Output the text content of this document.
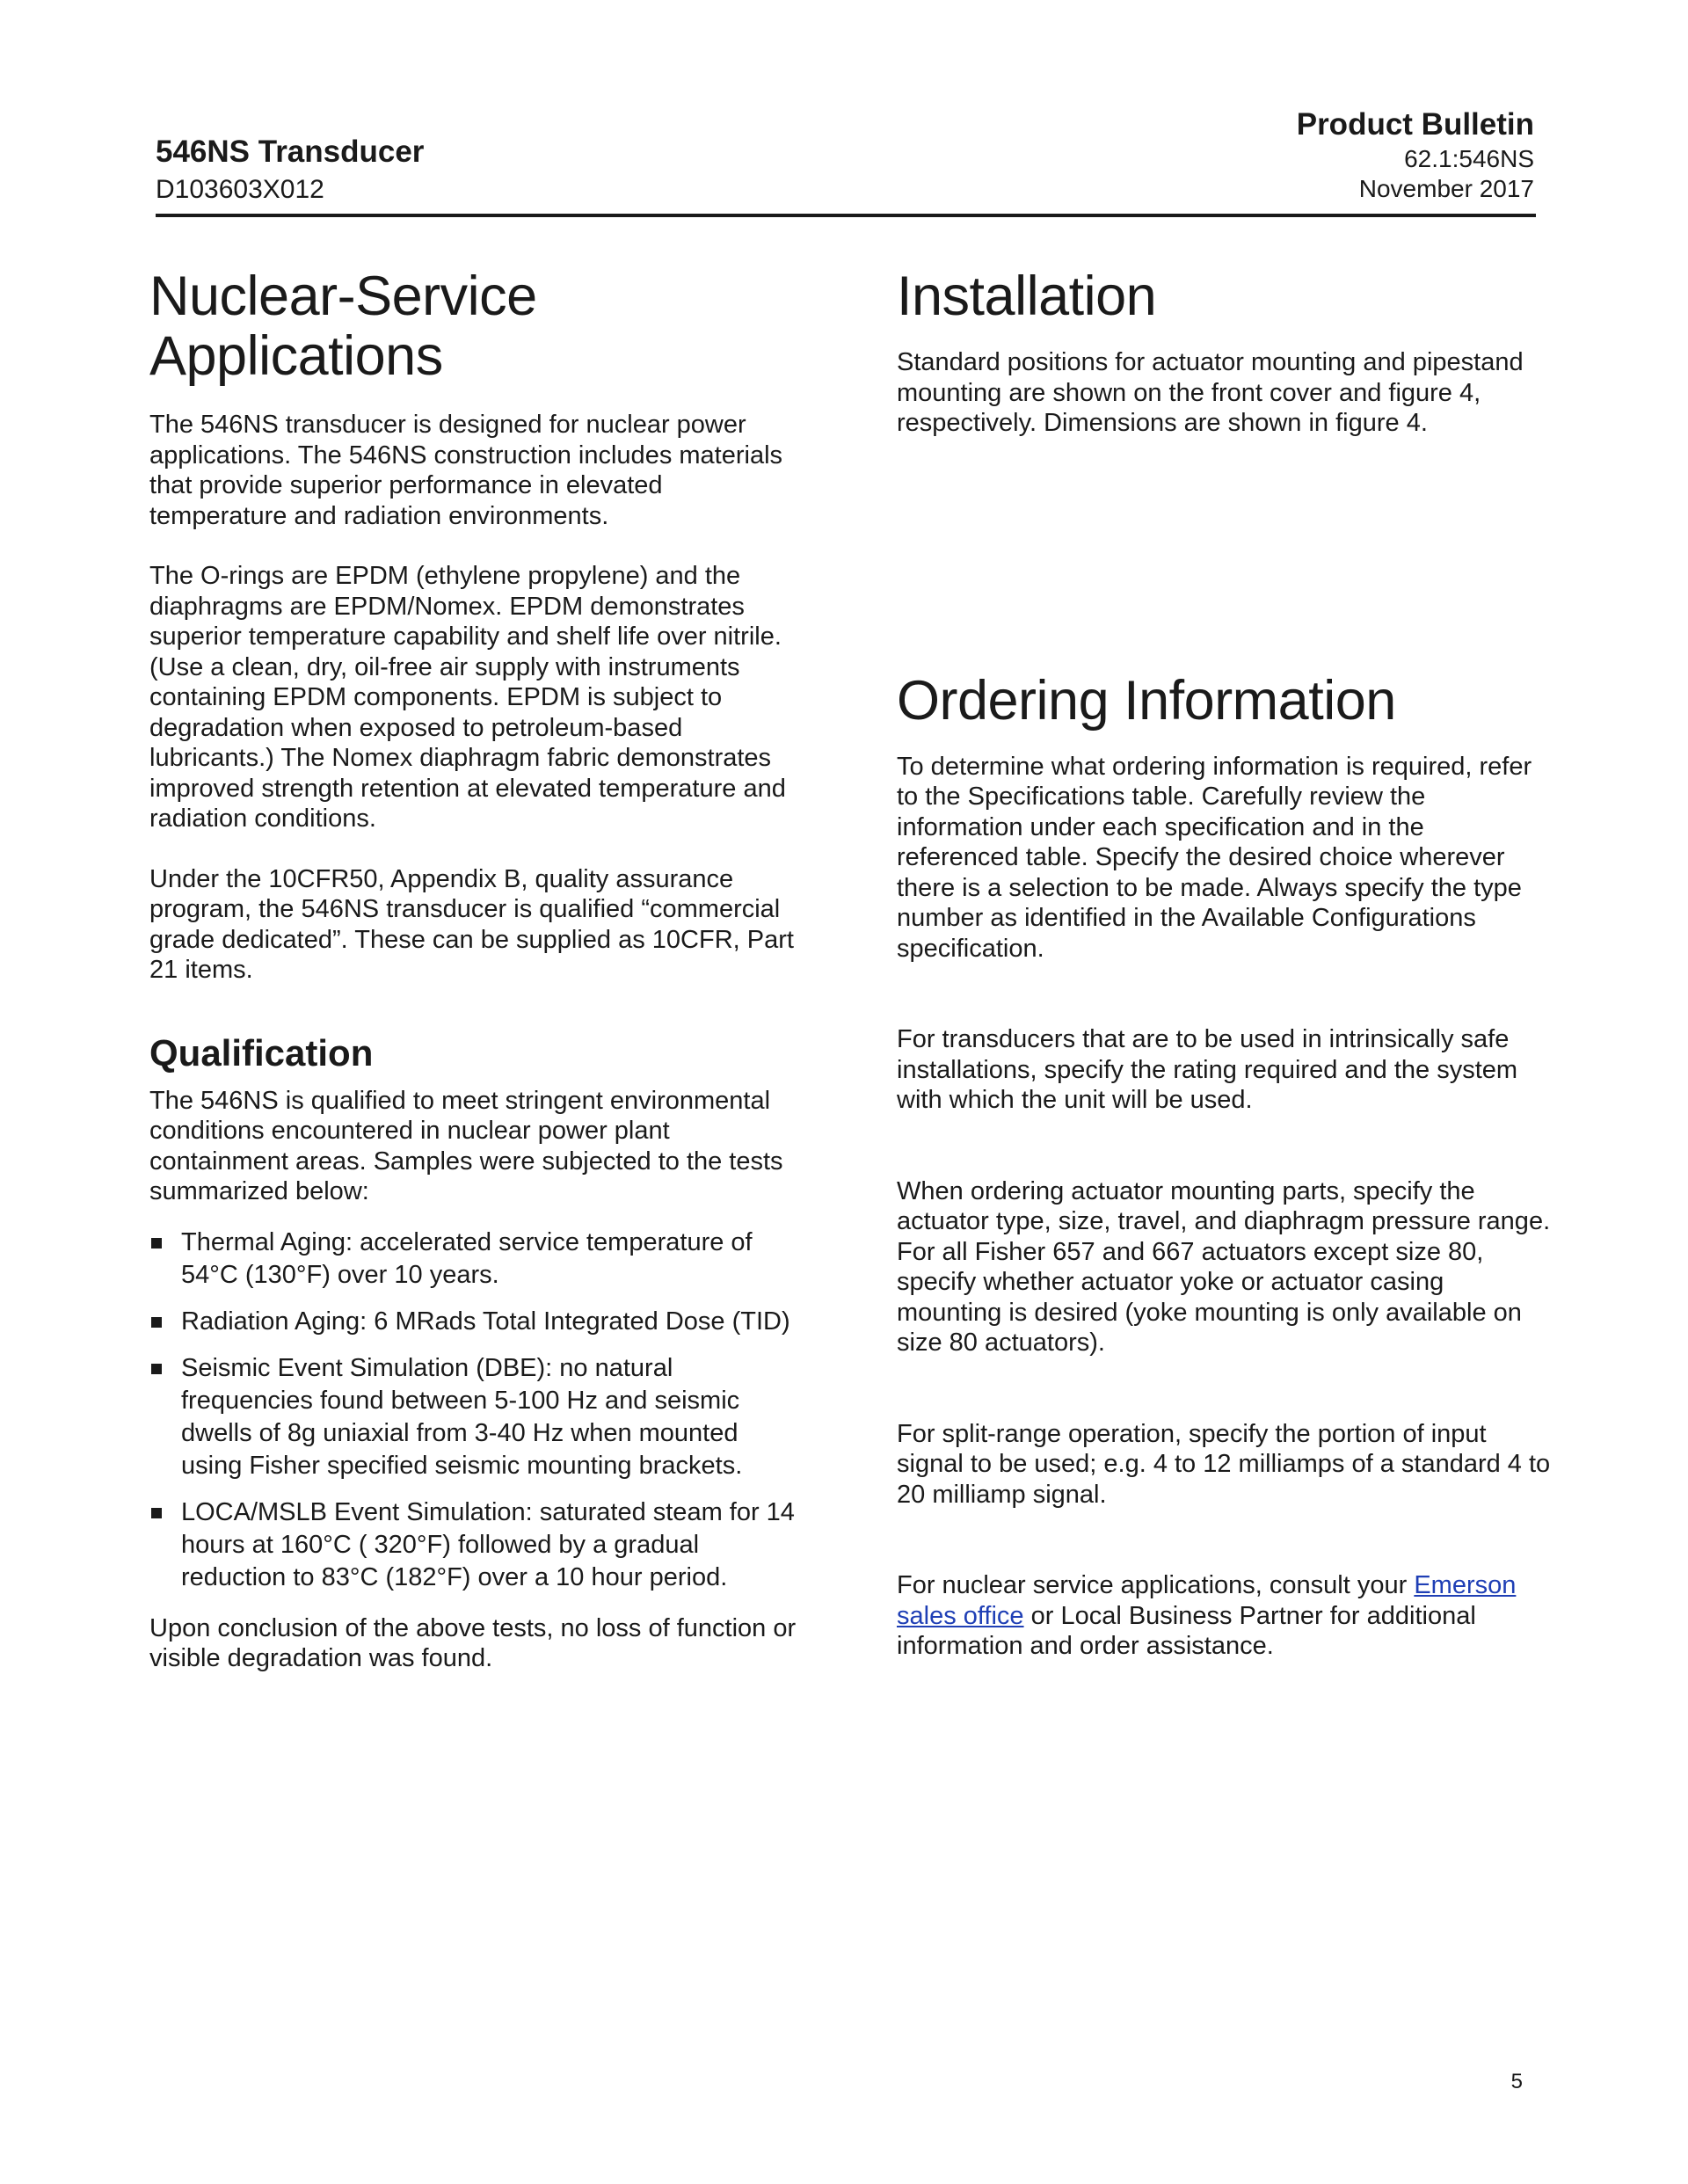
546NS Transducer
D103603X012
Product Bulletin
62.1:546NS
November 2017
Nuclear-Service
Applications

The 546NS transducer is designed for nuclear power applications. The 546NS construction includes materials that provide superior performance in elevated temperature and radiation environments.

The O-rings are EPDM (ethylene propylene) and the diaphragms are EPDM/Nomex. EPDM demonstrates superior temperature capability and shelf life over nitrile. (Use a clean, dry, oil-free air supply with instruments containing EPDM components. EPDM is subject to degradation when exposed to petroleum-based lubricants.) The Nomex diaphragm fabric demonstrates improved strength retention at elevated temperature and radiation conditions.

Under the 10CFR50, Appendix B, quality assurance program, the 546NS transducer is qualified “commercial grade dedicated”. These can be supplied as 10CFR, Part 21 items.

Qualification

The 546NS is qualified to meet stringent environmental conditions encountered in nuclear power plant containment areas. Samples were subjected to the tests summarized below:

Thermal Aging: accelerated service temperature of 54°C (130°F) over 10 years.
Radiation Aging: 6 MRads Total Integrated Dose (TID)
Seismic Event Simulation (DBE): no natural frequencies found between 5-100 Hz and seismic dwells of 8g uniaxial from 3-40 Hz when mounted using Fisher specified seismic mounting brackets.
LOCA/MSLB Event Simulation: saturated steam for 14 hours at 160°C ( 320°F) followed by a gradual reduction to 83°C (182°F) over a 10 hour period.

Upon conclusion of the above tests, no loss of function or visible degradation was found.

Installation

Standard positions for actuator mounting and pipestand mounting are shown on the front cover and figure 4, respectively. Dimensions are shown in figure 4.

Ordering Information

To determine what ordering information is required, refer to the Specifications table. Carefully review the information under each specification and in the referenced table. Specify the desired choice wherever there is a selection to be made. Always specify the type number as identified in the Available Configurations specification.

For transducers that are to be used in intrinsically safe installations, specify the rating required and the system with which the unit will be used.

When ordering actuator mounting parts, specify the actuator type, size, travel, and diaphragm pressure range. For all Fisher 657 and 667 actuators except size 80, specify whether actuator yoke or actuator casing mounting is desired (yoke mounting is only available on size 80 actuators).

For split-range operation, specify the portion of input signal to be used; e.g. 4 to 12 milliamps of a standard 4 to 20 milliamp signal.

For nuclear service applications, consult your Emerson sales office or Local Business Partner for additional information and order assistance.

5
